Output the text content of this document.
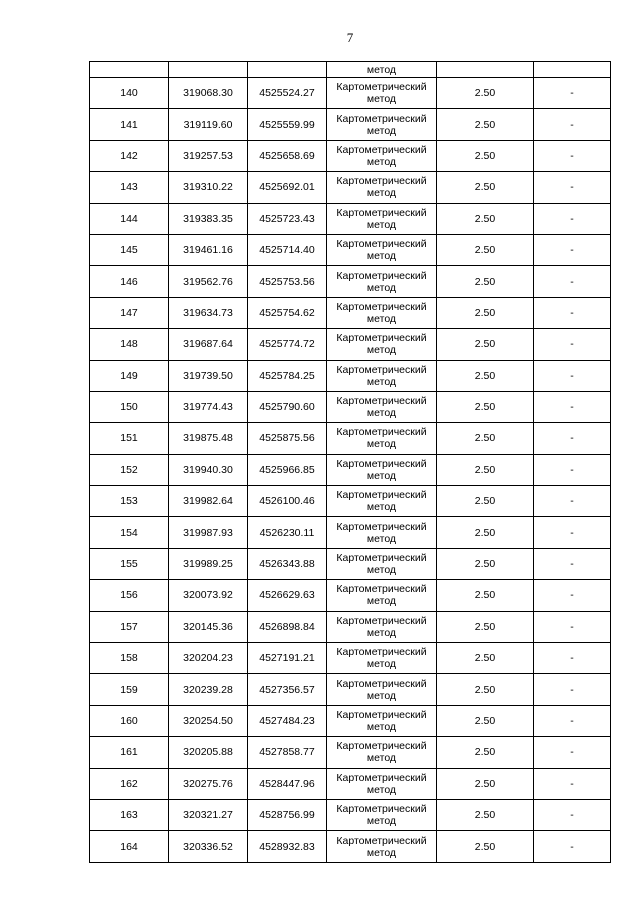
7
			метод		
140	319068.30	4525524.27	Картометрический метод	2.50	-
141	319119.60	4525559.99	Картометрический метод	2.50	-
142	319257.53	4525658.69	Картометрический метод	2.50	-
143	319310.22	4525692.01	Картометрический метод	2.50	-
144	319383.35	4525723.43	Картометрический метод	2.50	-
145	319461.16	4525714.40	Картометрический метод	2.50	-
146	319562.76	4525753.56	Картометрический метод	2.50	-
147	319634.73	4525754.62	Картометрический метод	2.50	-
148	319687.64	4525774.72	Картометрический метод	2.50	-
149	319739.50	4525784.25	Картометрический метод	2.50	-
150	319774.43	4525790.60	Картометрический метод	2.50	-
151	319875.48	4525875.56	Картометрический метод	2.50	-
152	319940.30	4525966.85	Картометрический метод	2.50	-
153	319982.64	4526100.46	Картометрический метод	2.50	-
154	319987.93	4526230.11	Картометрический метод	2.50	-
155	319989.25	4526343.88	Картометрический метод	2.50	-
156	320073.92	4526629.63	Картометрический метод	2.50	-
157	320145.36	4526898.84	Картометрический метод	2.50	-
158	320204.23	4527191.21	Картометрический метод	2.50	-
159	320239.28	4527356.57	Картометрический метод	2.50	-
160	320254.50	4527484.23	Картометрический метод	2.50	-
161	320205.88	4527858.77	Картометрический метод	2.50	-
162	320275.76	4528447.96	Картометрический метод	2.50	-
163	320321.27	4528756.99	Картометрический метод	2.50	-
164	320336.52	4528932.83	Картометрический метод	2.50	-
